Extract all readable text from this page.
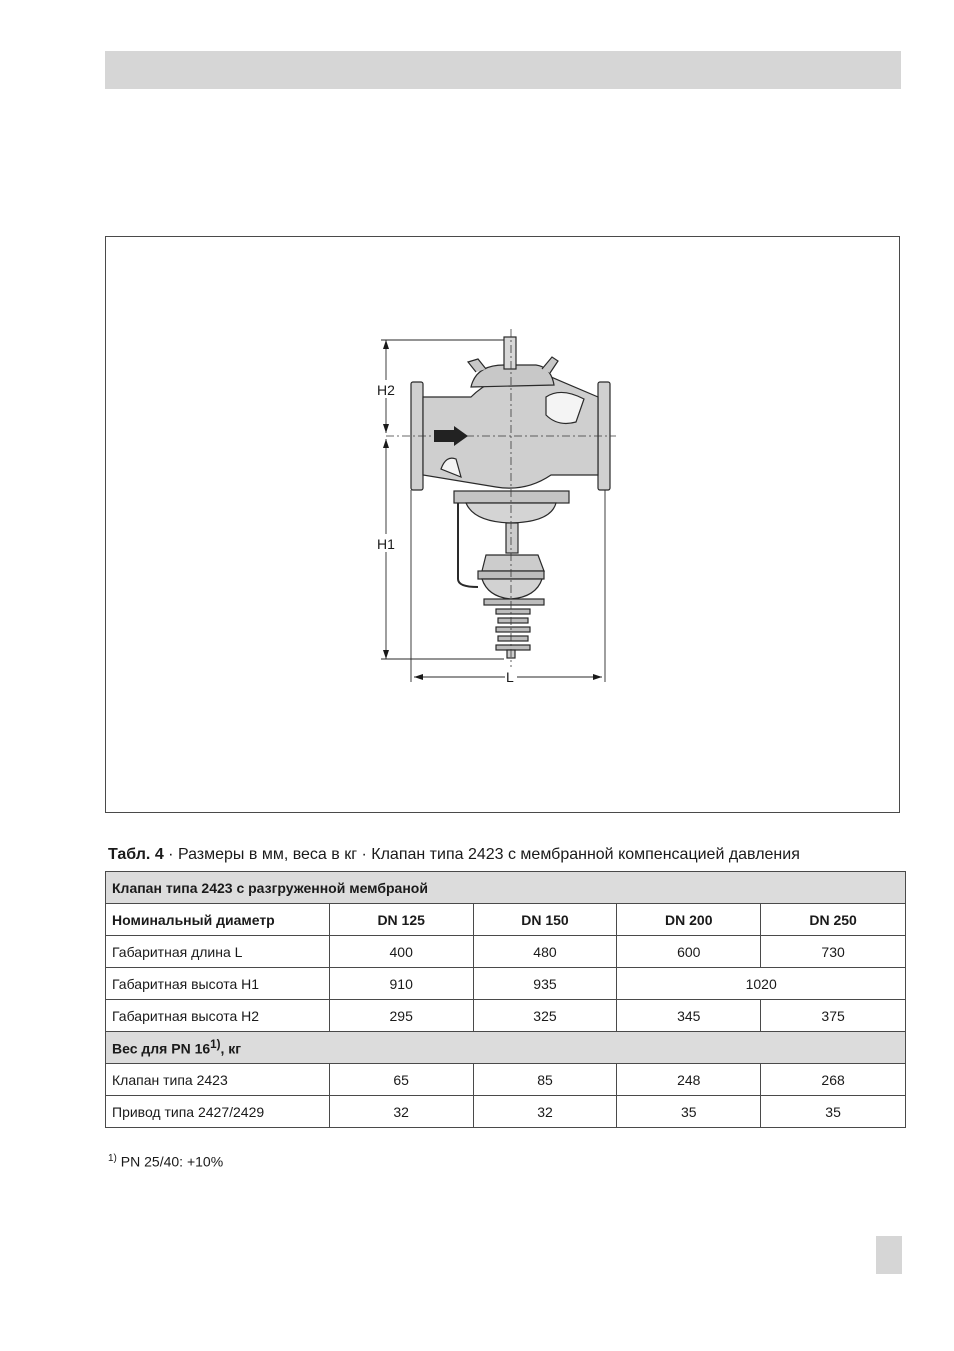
H2
H1
L
Табл. 4 · Размеры в мм, веса в кг · Клапан типа 2423 с мембранной компенсацией давления
Клапан типа 2423 с разгруженной мембраной				
Номинальный диаметр	DN 125	DN 150	DN 200	DN 250
Габаритная длина L	400	480	600	730
Габаритная высота H1	910	935	1020	
Габаритная высота H2	295	325	345	375
Вес для PN 16$^{1)}$, кг				
Клапан типа 2423	65	85	248	268
Привод типа 2427/2429	32	32	35	35
$^{1)}$ PN 25/40: +10%
